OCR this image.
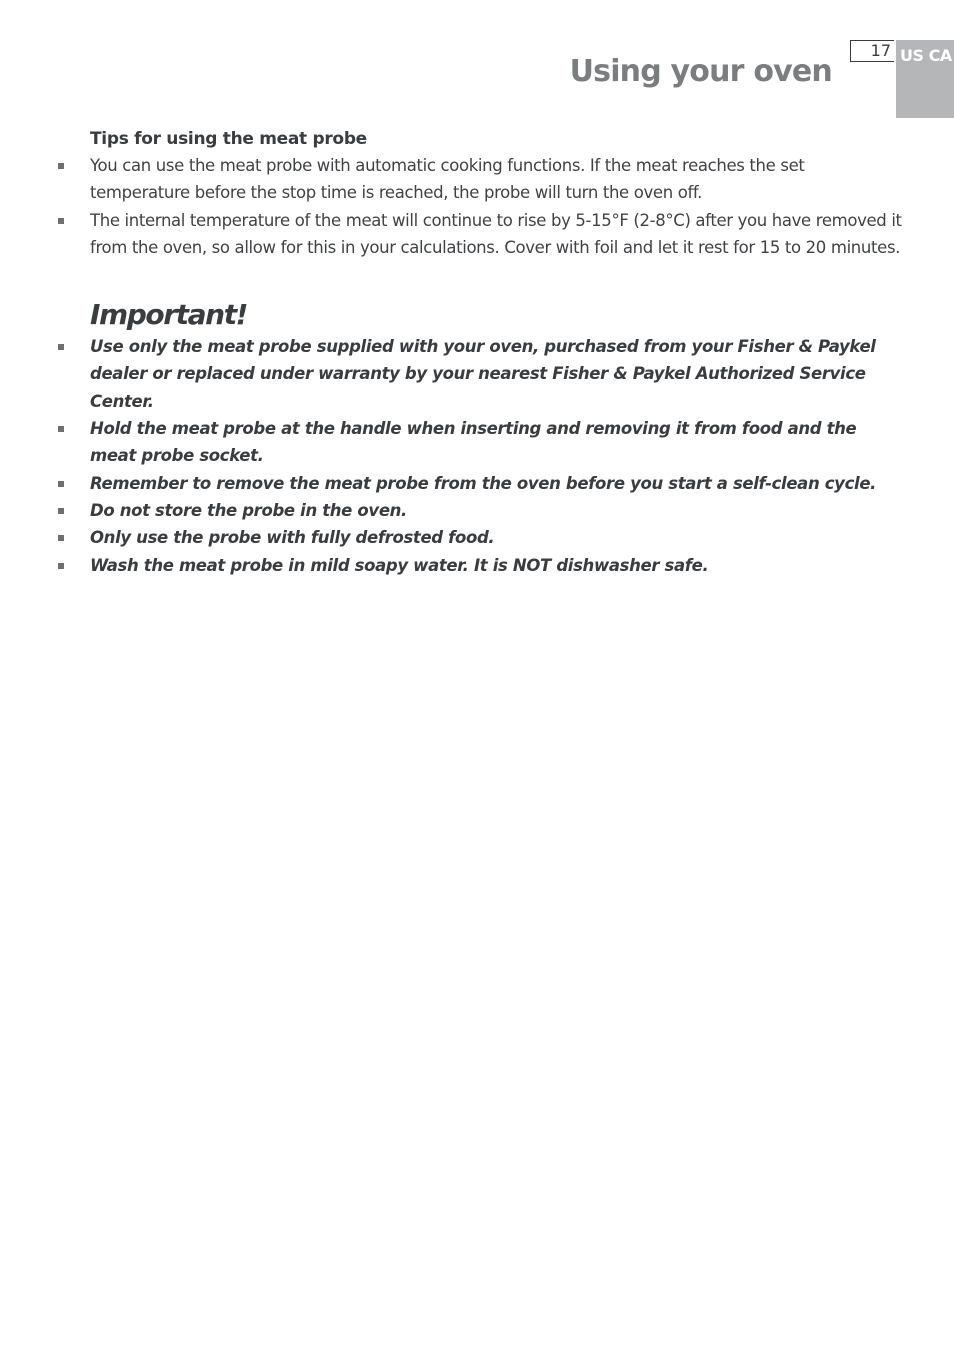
Using your oven
17 US CA
Tips for using the meat probe
You can use the meat probe with automatic cooking functions. If the meat reaches the set temperature before the stop time is reached, the probe will turn the oven off.
The internal temperature of the meat will continue to rise by 5-15°F (2-8°C) after you have removed it from the oven, so allow for this in your calculations. Cover with foil and let it rest for 15 to 20 minutes.
Important!
Use only the meat probe supplied with your oven, purchased from your Fisher & Paykel dealer or replaced under warranty by your nearest Fisher & Paykel Authorized Service Center.
Hold the meat probe at the handle when inserting and removing it from food and the meat probe socket.
Remember to remove the meat probe from the oven before you start a self-clean cycle.
Do not store the probe in the oven.
Only use the probe with fully defrosted food.
Wash the meat probe in mild soapy water. It is NOT dishwasher safe.
